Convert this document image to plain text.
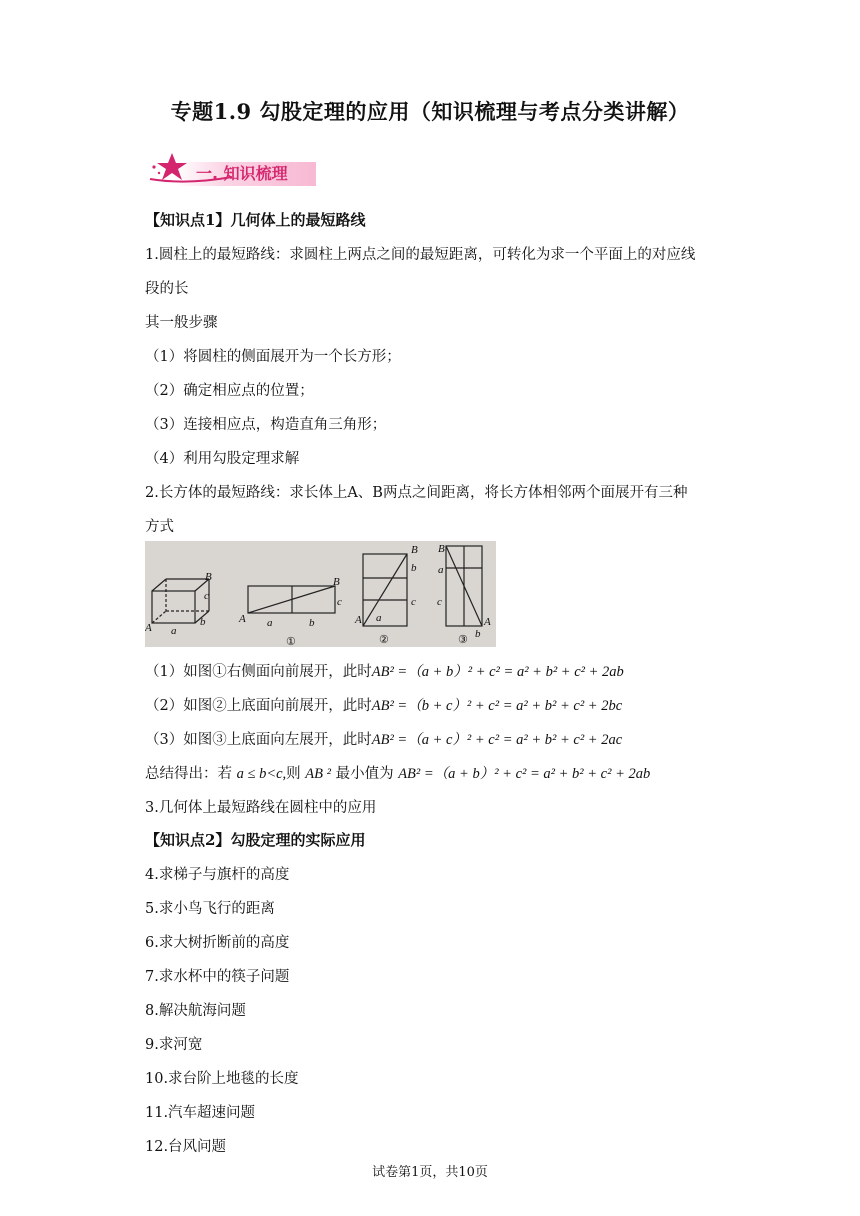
专题1.9 勾股定理的应用（知识梳理与考点分类讲解）
一. 知识梳理
【知识点1】几何体上的最短路线
1.圆柱上的最短路线：求圆柱上两点之间的最短距离，可转化为求一个平面上的对应线
段的长
其一般步骤
（1）将圆柱的侧面展开为一个长方形；
（2）确定相应点的位置；
（3）连接相应点，构造直角三角形；
（4）利用勾股定理求解
2.长方体的最短路线：求长体上A、B两点之间距离，将长方体相邻两个面展开有三种
方式
A a
b
c
B
A a	b
c
B
①
A a
c
b
B
②
B
a
c
b
A
③
（1）如图①右侧面向前展开，此时AB² =（a + b）² + c² = a² + b² + c² + 2ab
（2）如图②上底面向前展开，此时AB² =（b + c）² + c² = a² + b² + c² + 2bc
（3）如图③上底面向左展开，此时AB² =（a + c）² + c² = a² + b² + c² + 2ac
总结得出：若 a ≤ b<c,则 AB ² 最小值为 AB² =（a + b）² + c² = a² + b² + c² + 2ab
3.几何体上最短路线在圆柱中的应用
【知识点2】勾股定理的实际应用
4.求梯子与旗杆的高度
5.求小鸟飞行的距离
6.求大树折断前的高度
7.求水杯中的筷子问题
8.解决航海问题
9.求河宽
10.求台阶上地毯的长度
11.汽车超速问题
12.台风问题
试卷第1页，共10页
